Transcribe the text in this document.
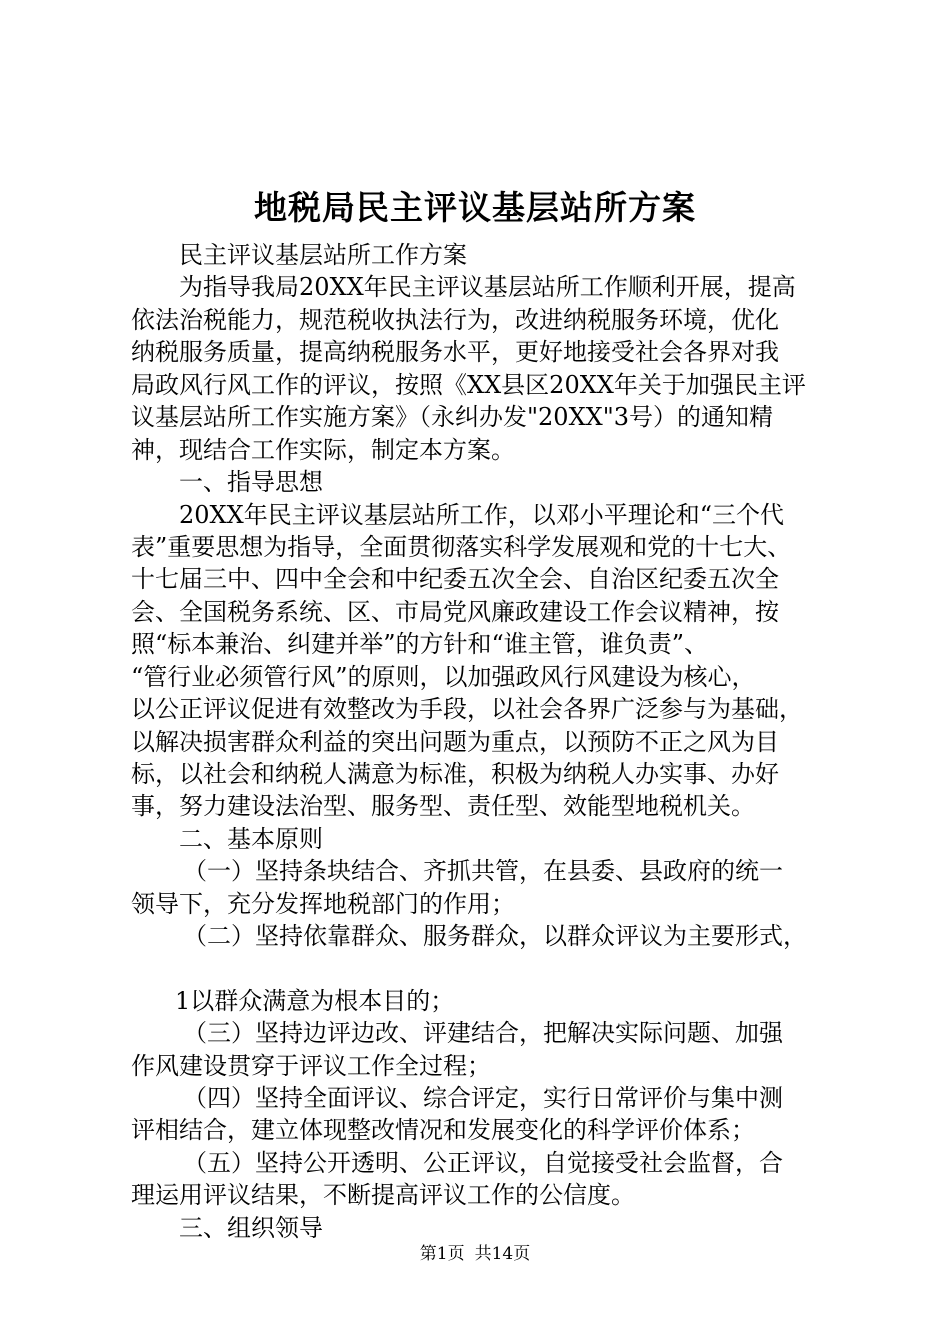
地税局民主评议基层站所方案
民主评议基层站所工作方案
为指导我局20XX年民主评议基层站所工作顺利开展，提高
依法治税能力，规范税收执法行为，改进纳税服务环境，优化
纳税服务质量，提高纳税服务水平，更好地接受社会各界对我
局政风行风工作的评议，按照《XX县区20XX年关于加强民主评
议基层站所工作实施方案》（永纠办发"20XX"3号）的通知精
神，现结合工作实际，制定本方案。
一、指导思想
20XX年民主评议基层站所工作，以邓小平理论和“三个代
表”重要思想为指导，全面贯彻落实科学发展观和党的十七大、
十七届三中、四中全会和中纪委五次全会、自治区纪委五次全
会、全国税务系统、区、市局党风廉政建设工作会议精神，按
照“标本兼治、纠建并举”的方针和“谁主管，谁负责”、
“管行业必须管行风”的原则，以加强政风行风建设为核心，
以公正评议促进有效整改为手段，以社会各界广泛参与为基础，
以解决损害群众利益的突出问题为重点，以预防不正之风为目
标，以社会和纳税人满意为标准，积极为纳税人办实事、办好
事，努力建设法治型、服务型、责任型、效能型地税机关。
二、基本原则
（一）坚持条块结合、齐抓共管，在县委、县政府的统一
领导下，充分发挥地税部门的作用；
（二）坚持依靠群众、服务群众，以群众评议为主要形式，
1以群众满意为根本目的；
（三）坚持边评边改、评建结合，把解决实际问题、加强
作风建设贯穿于评议工作全过程；
（四）坚持全面评议、综合评定，实行日常评价与集中测
评相结合，建立体现整改情况和发展变化的科学评价体系；
（五）坚持公开透明、公正评议，自觉接受社会监督，合
理运用评议结果，不断提高评议工作的公信度。
三、组织领导
第1页 共14页
